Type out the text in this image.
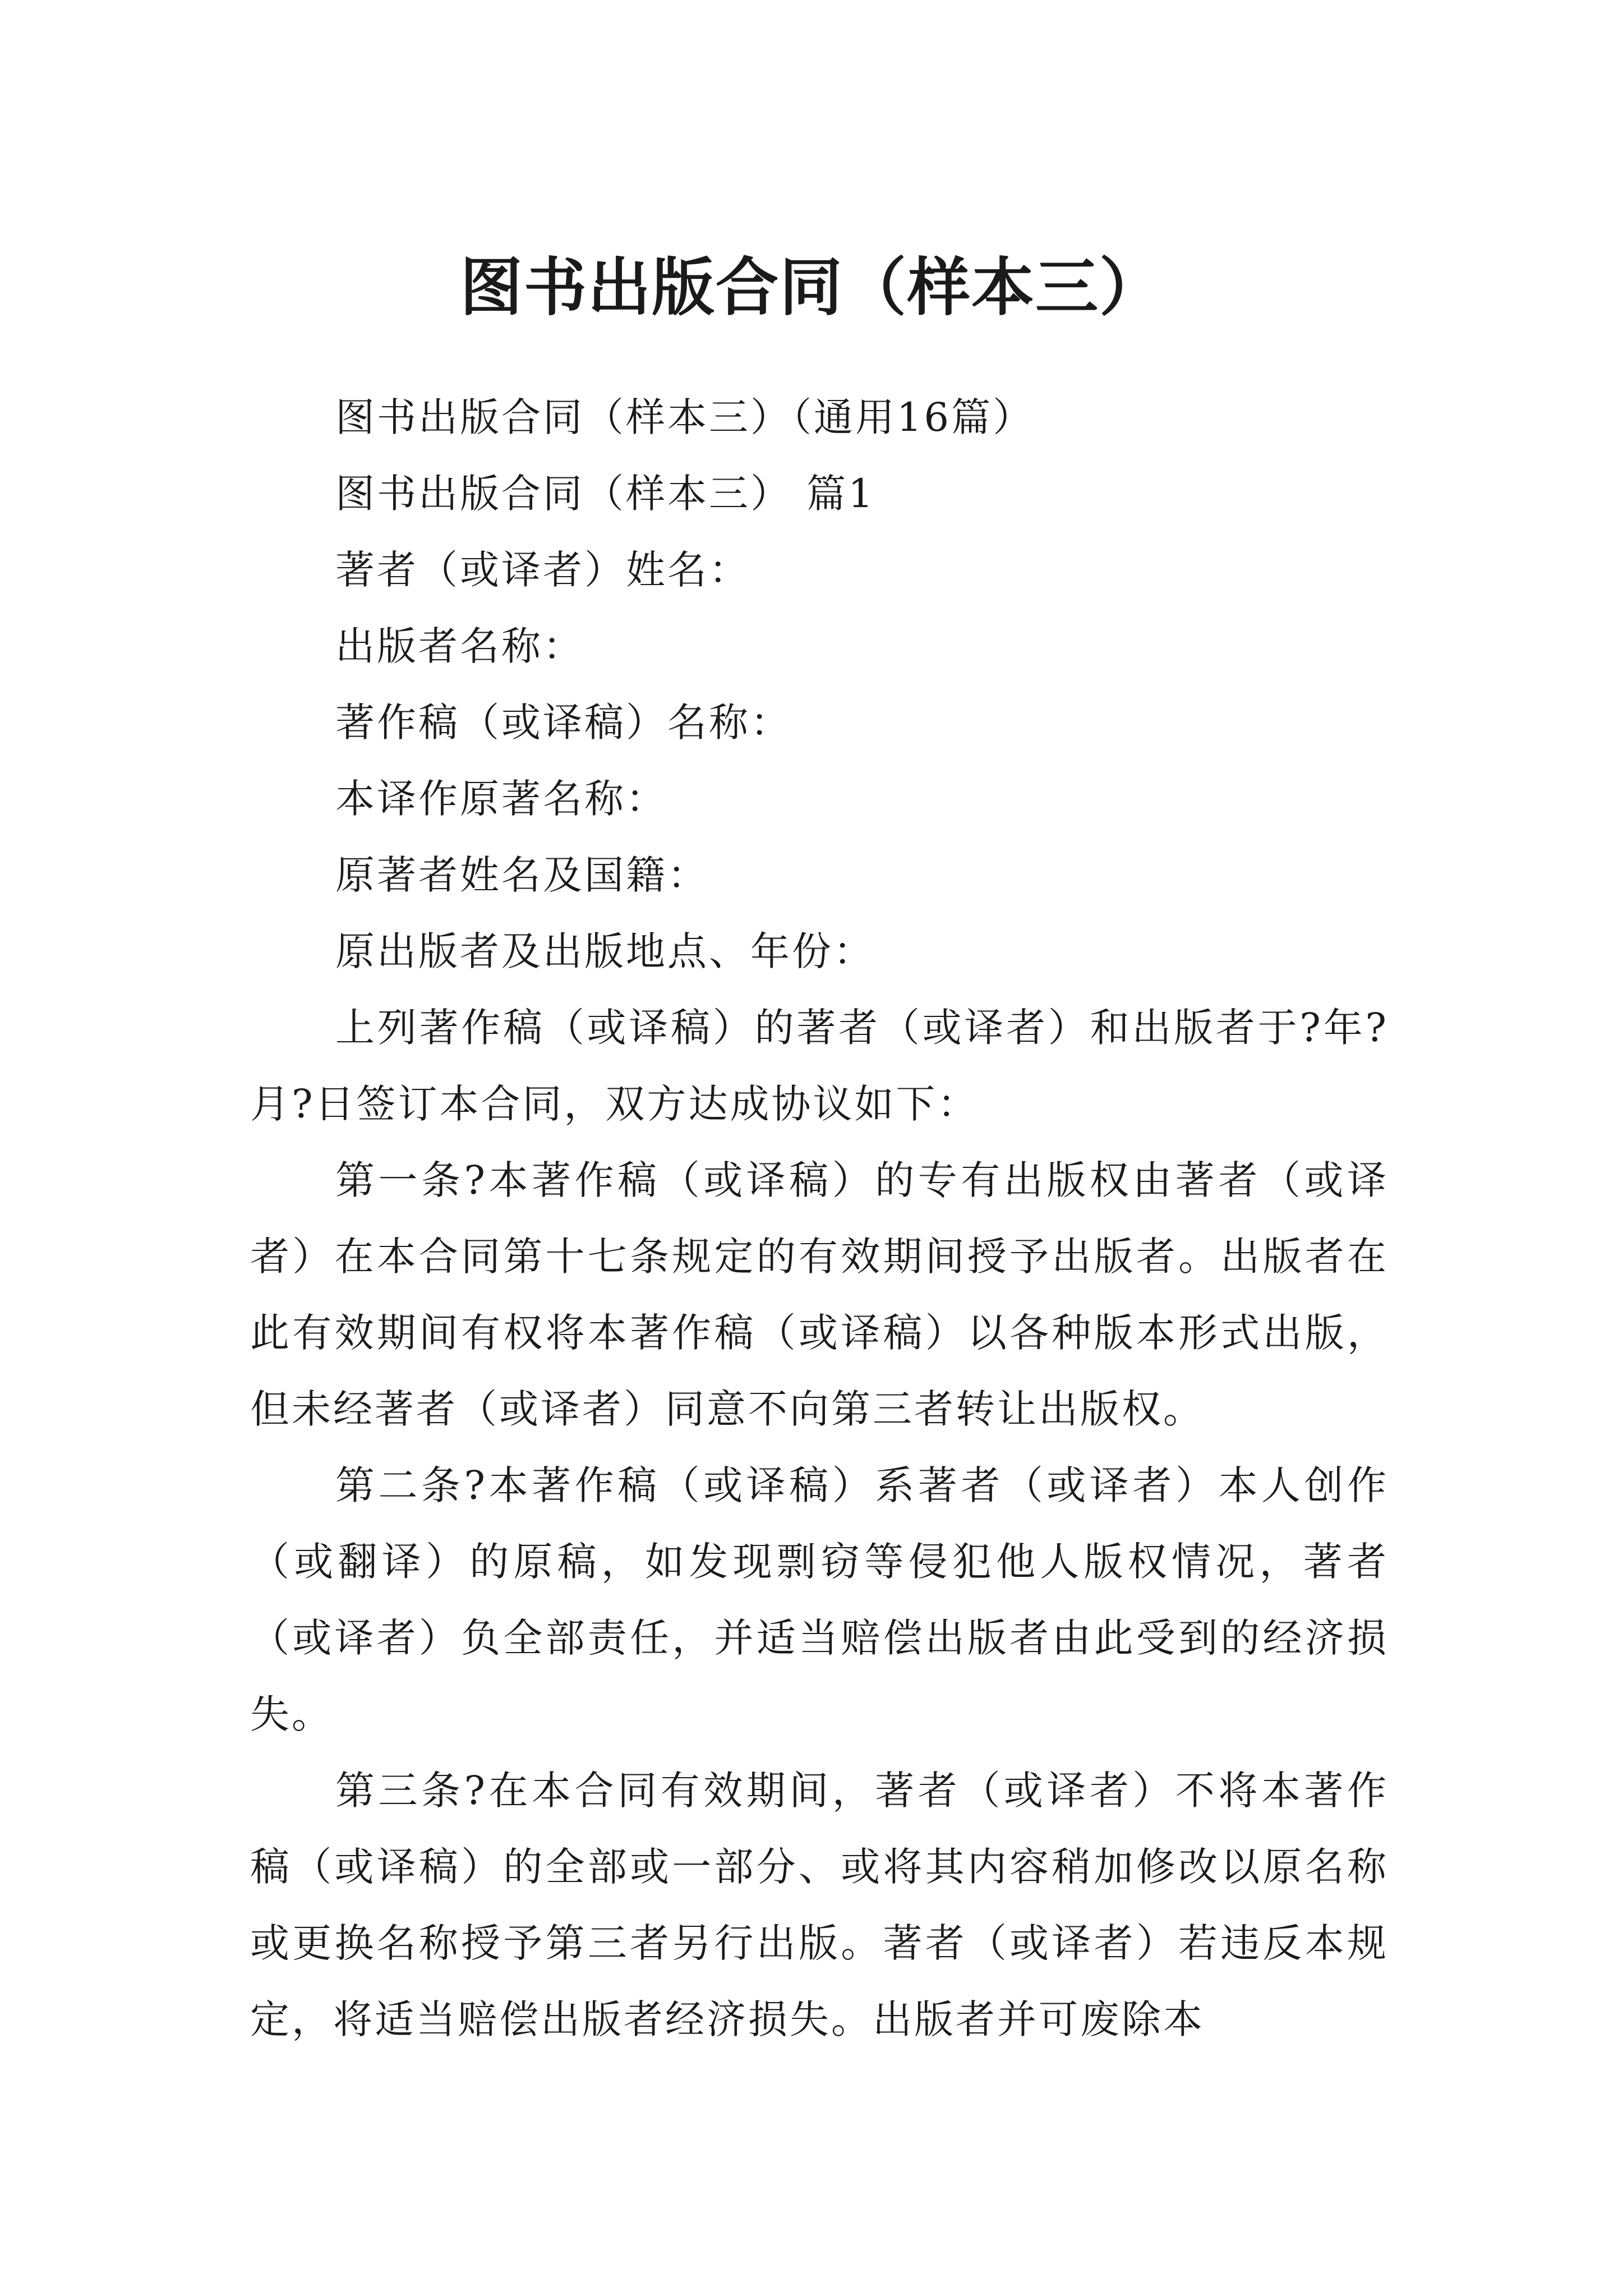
图书出版合同（样本三）

图书出版合同（样本三）（通用16篇）

图书出版合同（样本三） 篇1

著者（或译者）姓名：

出版者名称：

著作稿（或译稿）名称：

本译作原著名称：

原著者姓名及国籍：

原出版者及出版地点、年份：

上列著作稿（或译稿）的著者（或译者）和出版者于?年?月?日签订本合同，双方达成协议如下：

第一条?本著作稿（或译稿）的专有出版权由著者（或译者）在本合同第十七条规定的有效期间授予出版者。出版者在此有效期间有权将本著作稿（或译稿）以各种版本形式出版，但未经著者（或译者）同意不向第三者转让出版权。

第二条?本著作稿（或译稿）系著者（或译者）本人创作（或翻译）的原稿，如发现剽窃等侵犯他人版权情况，著者（或译者）负全部责任，并适当赔偿出版者由此受到的经济损失。

第三条?在本合同有效期间，著者（或译者）不将本著作稿（或译稿）的全部或一部分、或将其内容稍加修改以原名称或更换名称授予第三者另行出版。著者（或译者）若违反本规定，将适当赔偿出版者经济损失。出版者并可废除本
